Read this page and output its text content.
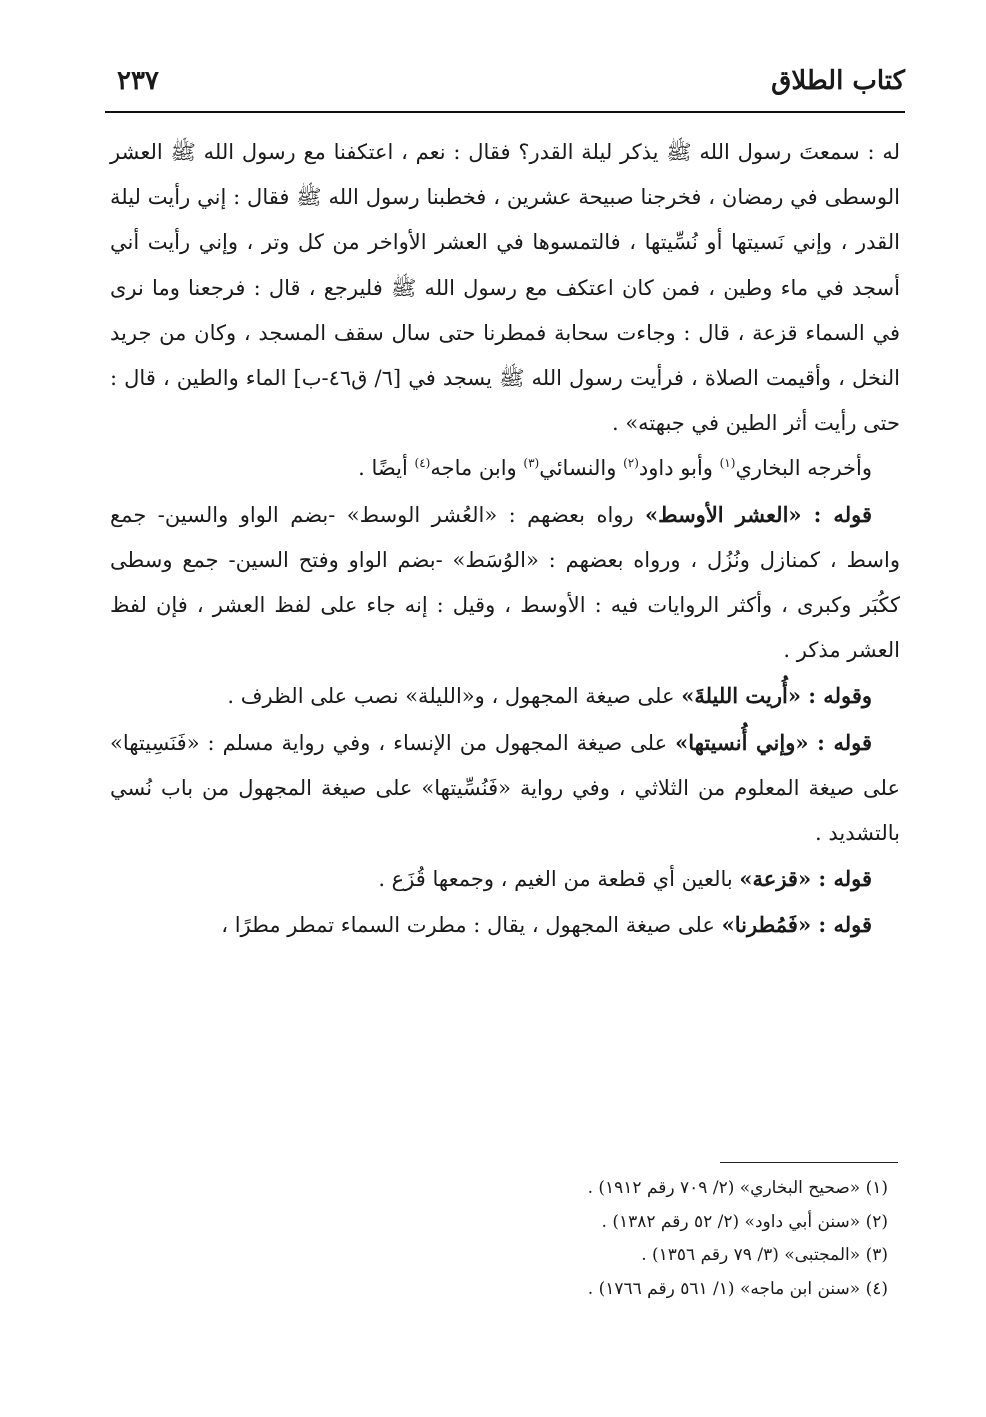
كتاب الطلاق
٢٣٧

له : سمعتَ رسول الله ﷺ يذكر ليلة القدر؟ فقال : نعم ، اعتكفنا مع رسول الله ﷺ العشر الوسطى في رمضان ، فخرجنا صبيحة عشرين ، فخطبنا رسول الله ﷺ فقال : إني رأيت ليلة القدر ، وإني نَسيتها أو نُسِّيتها ، فالتمسوها في العشر الأواخر من كل وتر ، وإني رأيت أني أسجد في ماء وطين ، فمن كان اعتكف مع رسول الله ﷺ فليرجع ، قال : فرجعنا وما نرى في السماء قزعة ، قال : وجاءت سحابة فمطرنا حتى سال سقف المسجد ، وكان من جريد النخل ، وأقيمت الصلاة ، فرأيت رسول الله ﷺ يسجد في [٦/ ق٤٦-ب] الماء والطين ، قال : حتى رأيت أثر الطين في جبهته» .

وأخرجه البخاري$^{(١)}$ وأبو داود$^{(٢)}$ والنسائي$^{(٣)}$ وابن ماجه$^{(٤)}$ أيضًا .

قوله : «العشر الأوسط» رواه بعضهم : «العُشر الوسط» -بضم الواو والسين- جمع واسط ، كمنازل ونُزُل ، ورواه بعضهم : «الوُسَط» -بضم الواو وفتح السين- جمع وسطى ككُبَر وكبرى ، وأكثر الروايات فيه : الأوسط ، وقيل : إنه جاء على لفظ العشر ، فإن لفظ العشر مذكر .

وقوله : «أُريت الليلةَ» على صيغة المجهول ، و«الليلة» نصب على الظرف .

قوله : «وإني أُنسيتها» على صيغة المجهول من الإنساء ، وفي رواية مسلم : «فَنَسِيتها» على صيغة المعلوم من الثلاثي ، وفي رواية «فَنُسِّيتها» على صيغة المجهول من باب نُسي بالتشديد .

قوله : «قزعة» بالعين أي قطعة من الغيم ، وجمعها قُزَع .

قوله : «فَمُطرنا» على صيغة المجهول ، يقال : مطرت السماء تمطر مطرًا ،

(١) «صحيح البخاري» (٢/ ٧٠٩ رقم ١٩١٢) .

(٢) «سنن أبي داود» (٢/ ٥٢ رقم ١٣٨٢) .

(٣) «المجتبى» (٣/ ٧٩ رقم ١٣٥٦) .

(٤) «سنن ابن ماجه» (١/ ٥٦١ رقم ١٧٦٦) .
